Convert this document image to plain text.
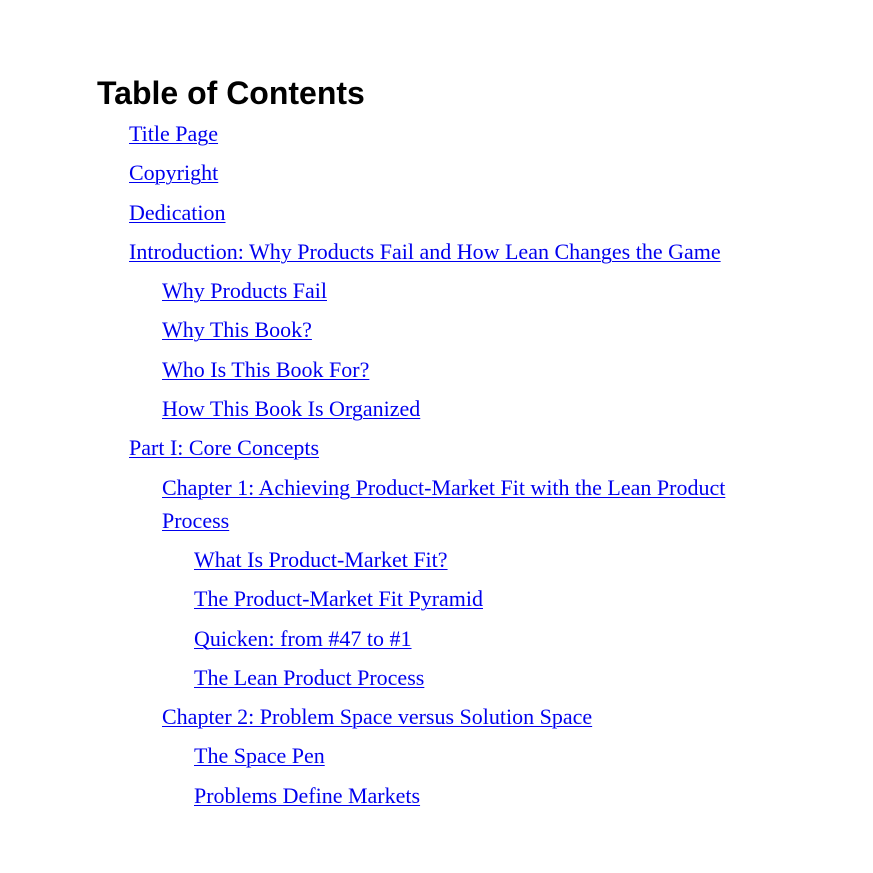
Table of Contents
Title Page
Copyright
Dedication
Introduction: Why Products Fail and How Lean Changes the Game
Why Products Fail
Why This Book?
Who Is This Book For?
How This Book Is Organized
Part I: Core Concepts
Chapter 1: Achieving Product-Market Fit with the Lean Product Process
What Is Product-Market Fit?
The Product-Market Fit Pyramid
Quicken: from #47 to #1
The Lean Product Process
Chapter 2: Problem Space versus Solution Space
The Space Pen
Problems Define Markets
